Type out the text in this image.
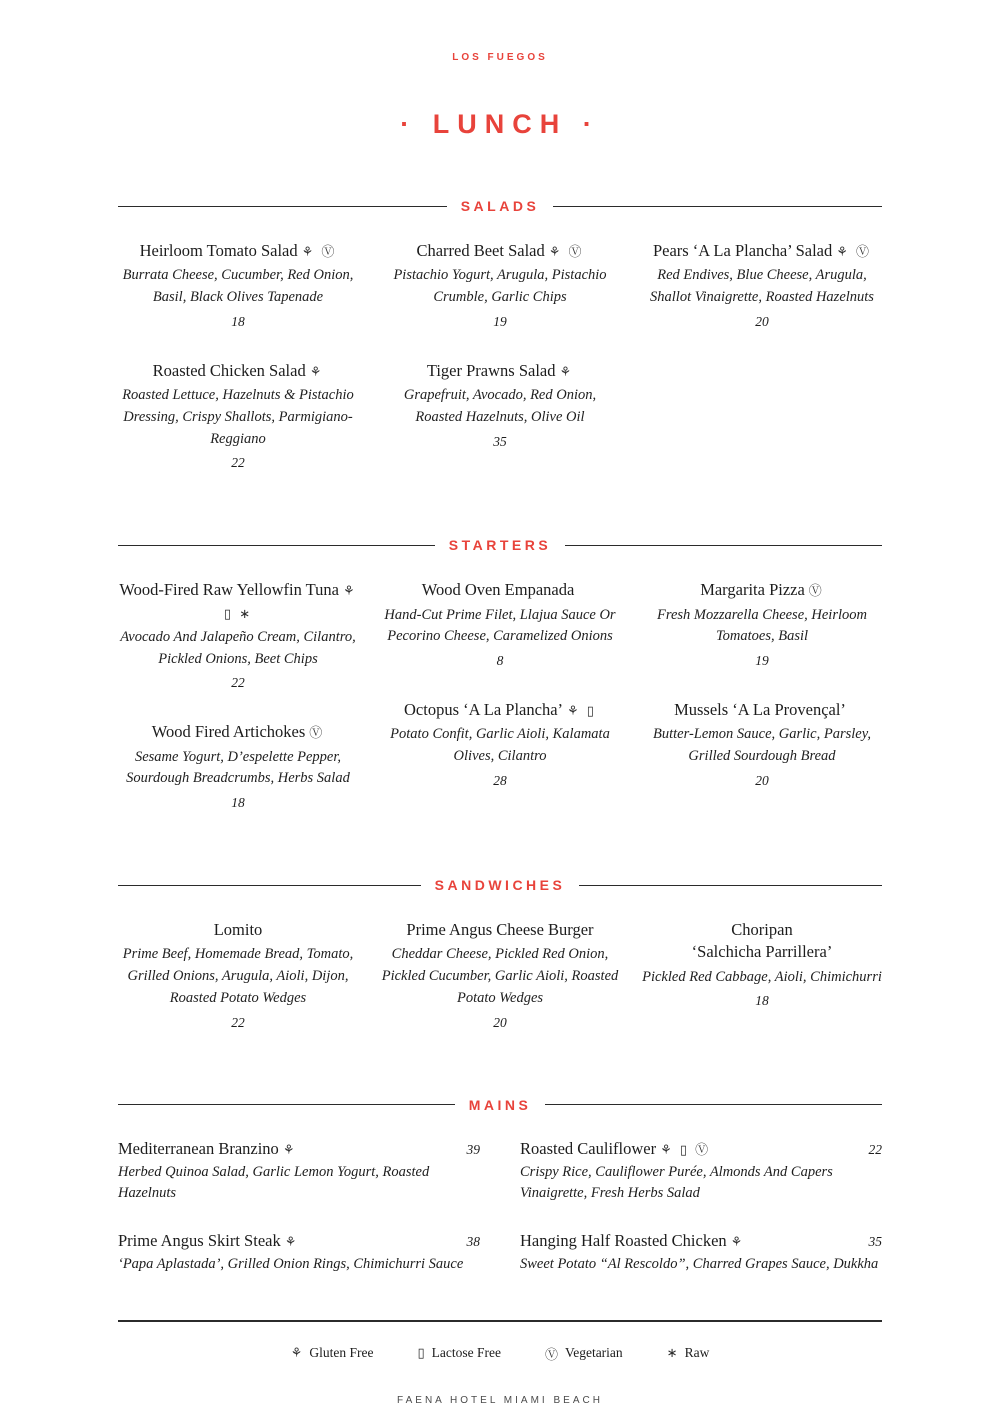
LOS FUEGOS
· LUNCH ·
SALADS
Heirloom Tomato Salad ⚘ Ⓥ
Burrata Cheese, Cucumber, Red Onion, Basil, Black Olives Tapenade
18
Roasted Chicken Salad ⚘
Roasted Lettuce, Hazelnuts & Pistachio Dressing, Crispy Shallots, Parmigiano-Reggiano
22
Charred Beet Salad ⚘ Ⓥ
Pistachio Yogurt, Arugula, Pistachio Crumble, Garlic Chips
19
Tiger Prawns Salad ⚘
Grapefruit, Avocado, Red Onion, Roasted Hazelnuts, Olive Oil
35
Pears ‘A La Plancha’ Salad ⚘ Ⓥ
Red Endives, Blue Cheese, Arugula, Shallot Vinaigrette, Roasted Hazelnuts
20
STARTERS
Wood-Fired Raw Yellowfin Tuna ⚘ ▯ ∗
Avocado And Jalapeño Cream, Cilantro, Pickled Onions, Beet Chips
22
Wood Fired Artichokes Ⓥ
Sesame Yogurt, D’espelette Pepper, Sourdough Breadcrumbs, Herbs Salad
18
Wood Oven Empanada
Hand-Cut Prime Filet, Llajua Sauce Or Pecorino Cheese, Caramelized Onions
8
Octopus ‘A La Plancha’ ⚘ ▯
Potato Confit, Garlic Aioli, Kalamata Olives, Cilantro
28
Margarita Pizza Ⓥ
Fresh Mozzarella Cheese, Heirloom Tomatoes, Basil
19
Mussels ‘A La Provençal’
Butter-Lemon Sauce, Garlic, Parsley, Grilled Sourdough Bread
20
SANDWICHES
Lomito
Prime Beef, Homemade Bread, Tomato, Grilled Onions, Arugula, Aioli, Dijon, Roasted Potato Wedges
22
Prime Angus Cheese Burger
Cheddar Cheese, Pickled Red Onion, Pickled Cucumber, Garlic Aioli, Roasted Potato Wedges
20
Choripan
‘Salchicha Parrillera’
Pickled Red Cabbage, Aioli, Chimichurri
18
MAINS
Mediterranean Branzino ⚘	39
Herbed Quinoa Salad, Garlic Lemon Yogurt, Roasted Hazelnuts
Prime Angus Skirt Steak ⚘	38
‘Papa Aplastada’, Grilled Onion Rings, Chimichurri Sauce
Roasted Cauliflower ⚘ ▯ Ⓥ	22
Crispy Rice, Cauliflower Purée, Almonds And Capers Vinaigrette, Fresh Herbs Salad
Hanging Half Roasted Chicken ⚘	35
Sweet Potato “Al Rescoldo”, Charred Grapes Sauce, Dukkha
⚘ Gluten Free	▯ Lactose Free	Ⓥ Vegetarian	∗ Raw
FAENA HOTEL MIAMI BEACH
